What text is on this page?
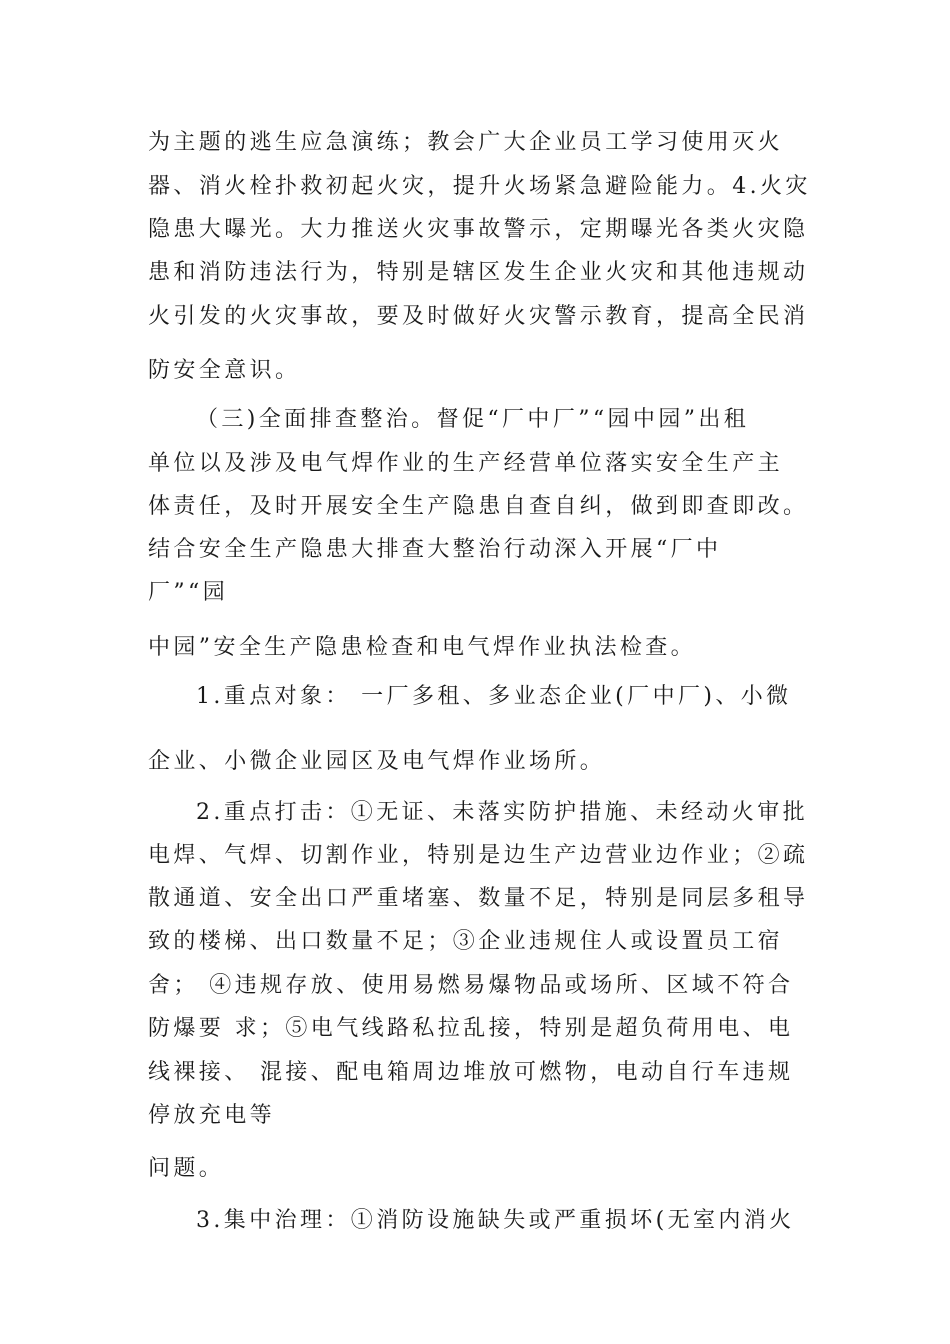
为主题的逃生应急演练；教会广大企业员工学习使用灭火
器、消火栓扑救初起火灾，提升火场紧急避险能力。4.火灾
隐患大曝光。大力推送火灾事故警示，定期曝光各类火灾隐
患和消防违法行为，特别是辖区发生企业火灾和其他违规动
火引发的火灾事故，要及时做好火灾警示教育，提高全民消
防安全意识。
（三)全面排查整治。督促“厂中厂”“园中园”出租
单位以及涉及电气焊作业的生产经营单位落实安全生产主
体责任，及时开展安全生产隐患自查自纠，做到即查即改。
结合安全生产隐患大排查大整治行动深入开展“厂中
厂”“园
中园”安全生产隐患检查和电气焊作业执法检查。
1.重点对象： 一厂多租、多业态企业(厂中厂)、小微
企业、小微企业园区及电气焊作业场所。
2.重点打击：①无证、未落实防护措施、未经动火审批
电焊、气焊、切割作业，特别是边生产边营业边作业；②疏
散通道、安全出口严重堵塞、数量不足，特别是同层多租导
致的楼梯、出口数量不足；③企业违规住人或设置员工宿
舍； ④违规存放、使用易燃易爆物品或场所、区域不符合
防爆要 求；⑤电气线路私拉乱接，特别是超负荷用电、电
线裸接、 混接、配电箱周边堆放可燃物，电动自行车违规
停放充电等
问题。
3.集中治理：①消防设施缺失或严重损坏(无室内消火
